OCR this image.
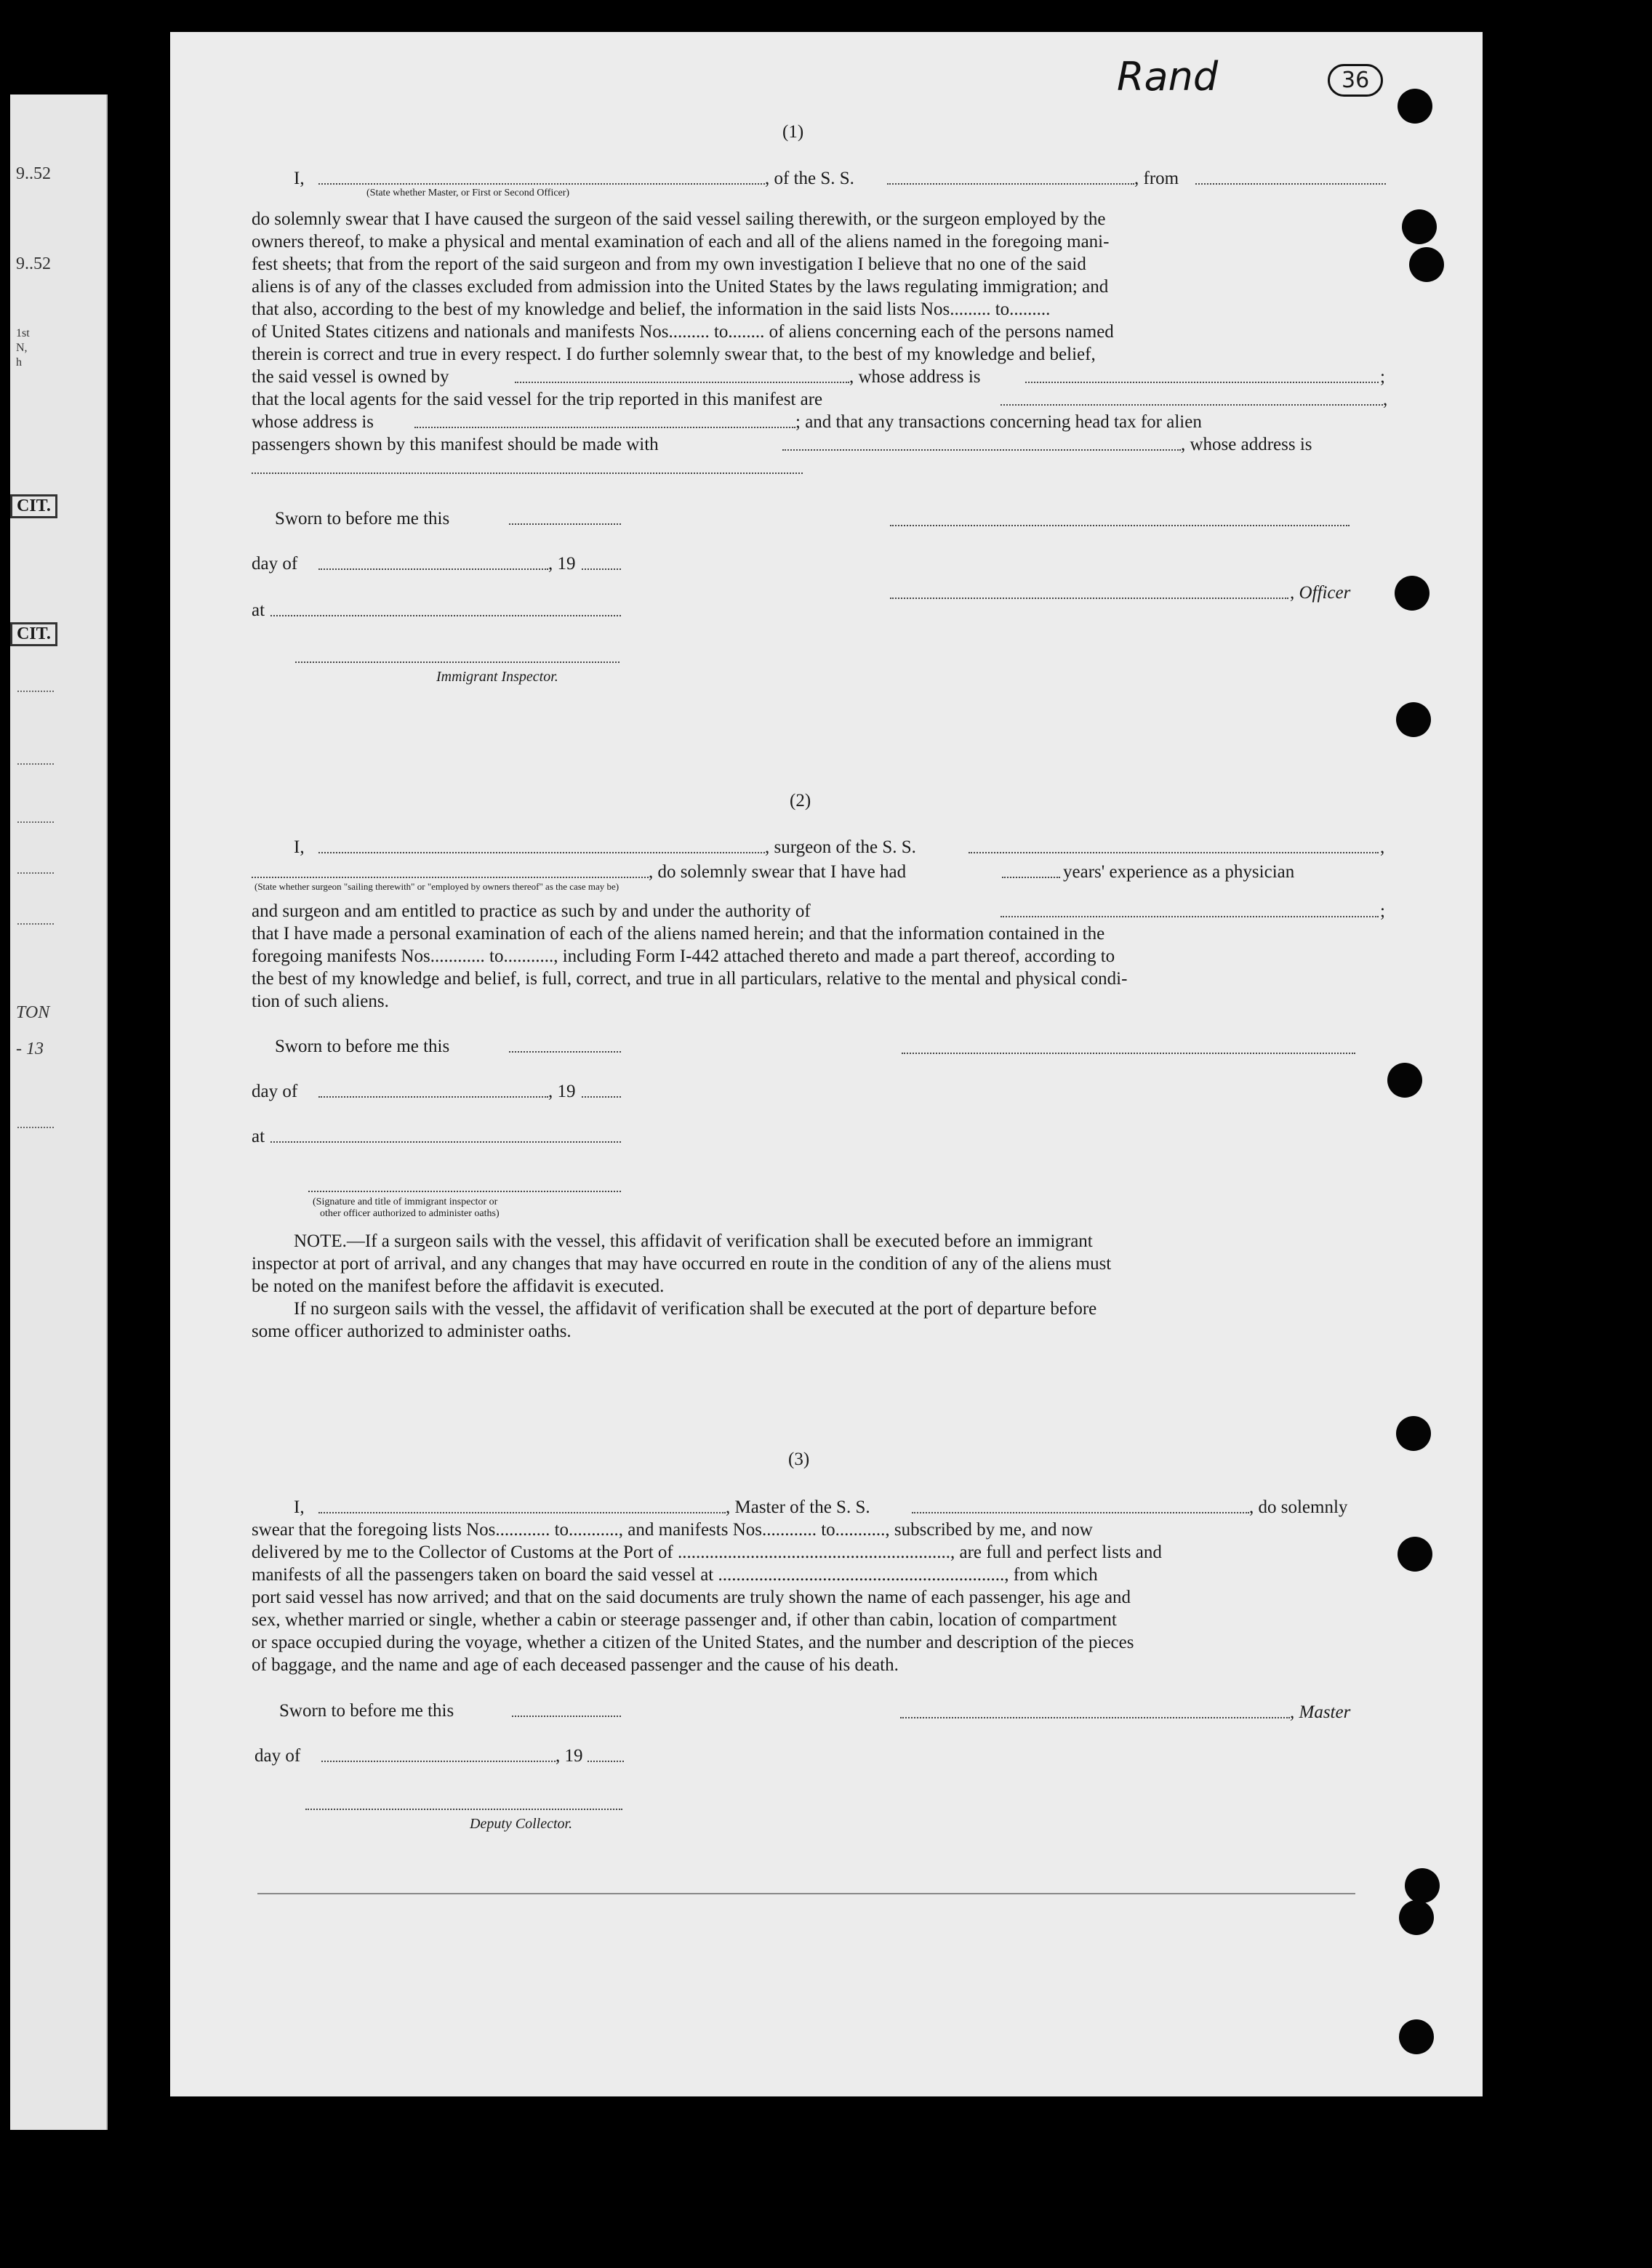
9..52
9..52
1st
N,
h
CIT.
CIT.
TON
- 13
Rand	36
(1)
I,	, of the S. S.	, from
(State whether Master, or First or Second Officer)
do solemnly swear that I have caused the surgeon of the said vessel sailing therewith, or the surgeon employed by the
owners thereof, to make a physical and mental examination of each and all of the aliens named in the foregoing mani-
fest sheets; that from the report of the said surgeon and from my own investigation I believe that no one of the said
aliens is of any of the classes excluded from admission into the United States by the laws regulating immigration; and
that also, according to the best of my knowledge and belief, the information in the said lists Nos......... to.........
of United States citizens and nationals and manifests Nos......... to........ of aliens concerning each of the persons named
therein is correct and true in every respect. I do further solemnly swear that, to the best of my knowledge and belief,
the said vessel is owned by	, whose address is	;
that the local agents for the said vessel for the trip reported in this manifest are	,
whose address is	; and that any transactions concerning head tax for alien
passengers shown by this manifest should be made with	, whose address is
Sworn to before me this
day of	, 19
, Officer
at
Immigrant Inspector.
(2)
I,	, surgeon of the S. S.	,
, do solemnly swear that I have had	years' experience as a physician
(State whether surgeon "sailing therewith" or "employed by owners thereof" as the case may be)
and surgeon and am entitled to practice as such by and under the authority of	;
that I have made a personal examination of each of the aliens named herein; and that the information contained in the
foregoing manifests Nos............ to..........., including Form I-442 attached thereto and made a part thereof, according to
the best of my knowledge and belief, is full, correct, and true in all particulars, relative to the mental and physical condi-
tion of such aliens.
Sworn to before me this
day of	, 19
at
(Signature and title of immigrant inspector or
other officer authorized to administer oaths)
NOTE.—If a surgeon sails with the vessel, this affidavit of verification shall be executed before an immigrant
inspector at port of arrival, and any changes that may have occurred en route in the condition of any of the aliens must
be noted on the manifest before the affidavit is executed.
If no surgeon sails with the vessel, the affidavit of verification shall be executed at the port of departure before
some officer authorized to administer oaths.
(3)
I,	, Master of the S. S.	, do solemnly
swear that the foregoing lists Nos............ to..........., and manifests Nos............ to..........., subscribed by me, and now
delivered by me to the Collector of Customs at the Port of ............................................................, are full and perfect lists and
manifests of all the passengers taken on board the said vessel at ..............................................................., from which
port said vessel has now arrived; and that on the said documents are truly shown the name of each passenger, his age and
sex, whether married or single, whether a cabin or steerage passenger and, if other than cabin, location of compartment
or space occupied during the voyage, whether a citizen of the United States, and the number and description of the pieces
of baggage, and the name and age of each deceased passenger and the cause of his death.
Sworn to before me this	, Master
day of	, 19
Deputy Collector.
